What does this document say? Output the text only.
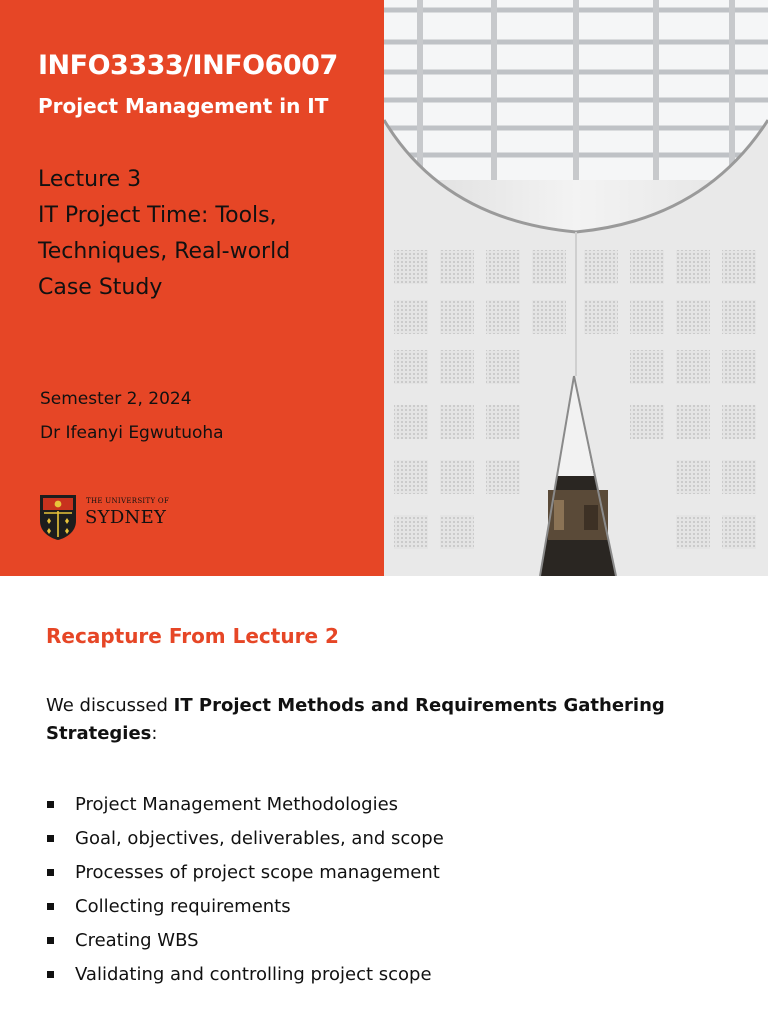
INFO3333/INFO6007
Project Management in IT
Lecture 3
IT Project Time: Tools,
Techniques, Real-world
Case Study
Semester 2, 2024
Dr Ifeanyi Egwutuoha
THE UNIVERSITY OF
SYDNEY
Recapture From Lecture 2
We discussed IT Project Methods and Requirements Gathering Strategies:
Project Management Methodologies
Goal, objectives, deliverables, and scope
Processes of project scope management
Collecting requirements
Creating WBS
Validating and controlling project scope
